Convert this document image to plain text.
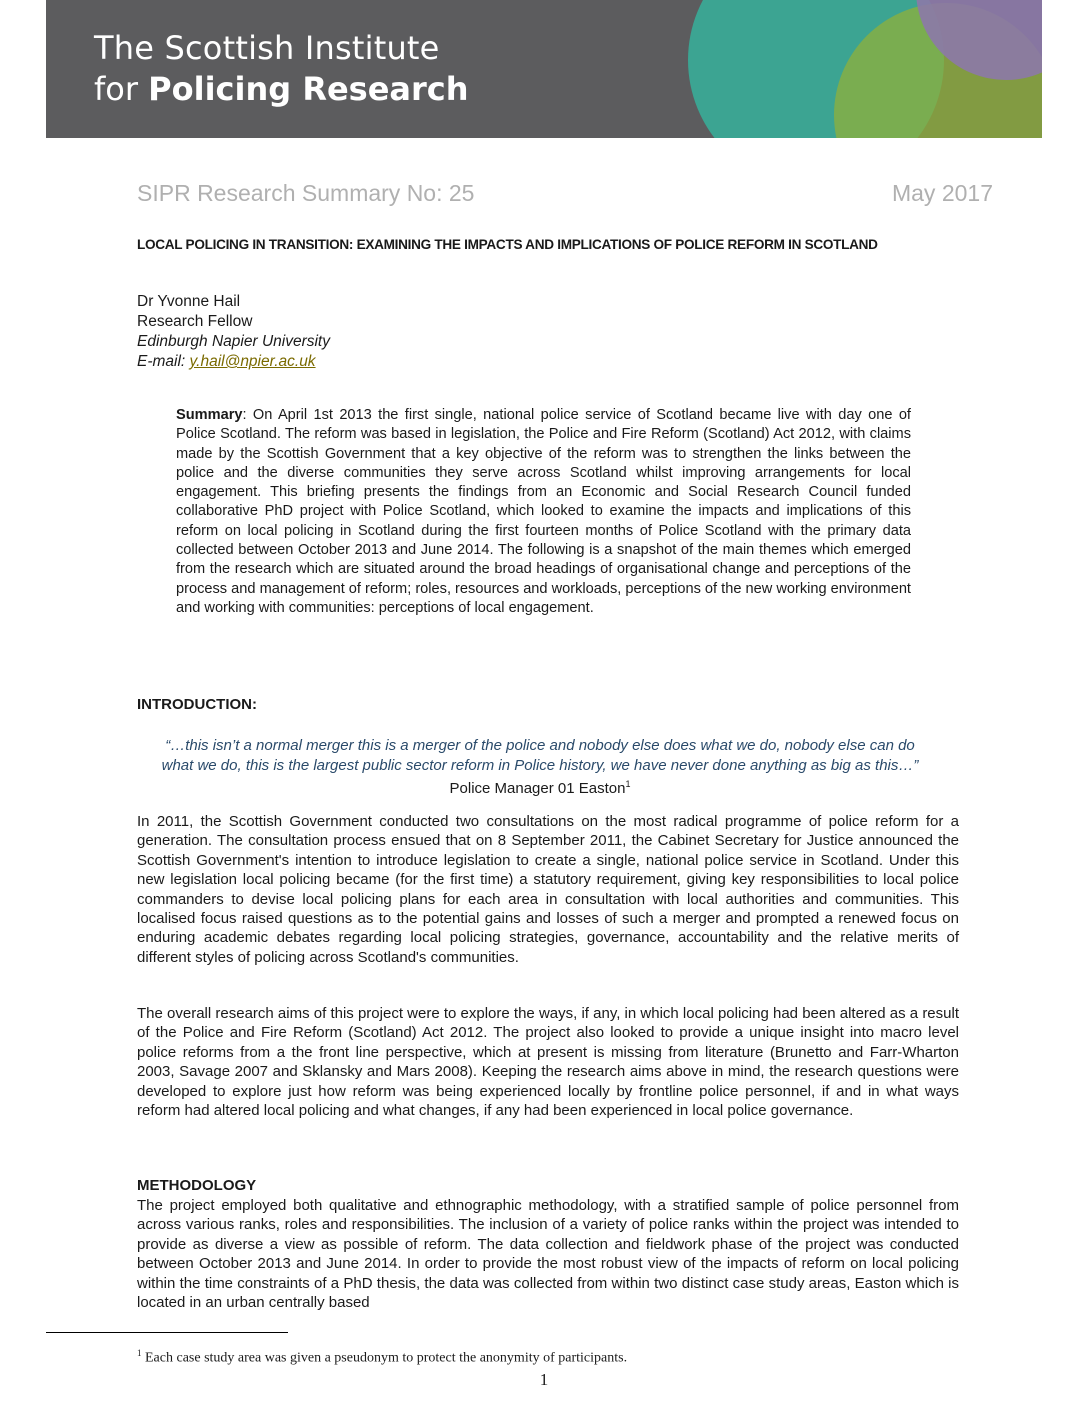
The Scottish Institute
for Policing Research
SIPR Research Summary No: 25	May 2017
LOCAL POLICING IN TRANSITION: EXAMINING THE IMPACTS AND IMPLICATIONS OF POLICE REFORM IN SCOTLAND
Dr Yvonne Hail
Research Fellow
Edinburgh Napier University
E-mail: y.hail@npier.ac.uk
Summary: On April 1st 2013 the first single, national police service of Scotland became live with day one of Police Scotland. The reform was based in legislation, the Police and Fire Reform (Scotland) Act 2012, with claims made by the Scottish Government that a key objective of the reform was to strengthen the links between the police and the diverse communities they serve across Scotland whilst improving arrangements for local engagement. This briefing presents the findings from an Economic and Social Research Council funded collaborative PhD project with Police Scotland, which looked to examine the impacts and implications of this reform on local policing in Scotland during the first fourteen months of Police Scotland with the primary data collected between October 2013 and June 2014. The following is a snapshot of the main themes which emerged from the research which are situated around the broad headings of organisational change and perceptions of the process and management of reform; roles, resources and workloads, perceptions of the new working environment and working with communities: perceptions of local engagement.
INTRODUCTION:
“…this isn’t a normal merger this is a merger of the police and nobody else does what we do, nobody else can do what we do, this is the largest public sector reform in Police history, we have never done anything as big as this…” Police Manager 01 Easton$^1$
In 2011, the Scottish Government conducted two consultations on the most radical programme of police reform for a generation. The consultation process ensued that on 8 September 2011, the Cabinet Secretary for Justice announced the Scottish Government's intention to introduce legislation to create a single, national police service in Scotland. Under this new legislation local policing became (for the first time) a statutory requirement, giving key responsibilities to local police commanders to devise local policing plans for each area in consultation with local authorities and communities. This localised focus raised questions as to the potential gains and losses of such a merger and prompted a renewed focus on enduring academic debates regarding local policing strategies, governance, accountability and the relative merits of different styles of policing across Scotland's communities.
The overall research aims of this project were to explore the ways, if any, in which local policing had been altered as a result of the Police and Fire Reform (Scotland) Act 2012. The project also looked to provide a unique insight into macro level police reforms from a the front line perspective, which at present is missing from literature (Brunetto and Farr-Wharton 2003, Savage 2007 and Sklansky and Mars 2008). Keeping the research aims above in mind, the research questions were developed to explore just how reform was being experienced locally by frontline police personnel, if and in what ways reform had altered local policing and what changes, if any had been experienced in local police governance.
METHODOLOGY
The project employed both qualitative and ethnographic methodology, with a stratified sample of police personnel from across various ranks, roles and responsibilities. The inclusion of a variety of police ranks within the project was intended to provide as diverse a view as possible of reform. The data collection and fieldwork phase of the project was conducted between October 2013 and June 2014. In order to provide the most robust view of the impacts of reform on local policing within the time constraints of a PhD thesis, the data was collected from within two distinct case study areas, Easton which is located in an urban centrally based
$^1$ Each case study area was given a pseudonym to protect the anonymity of participants.
1
